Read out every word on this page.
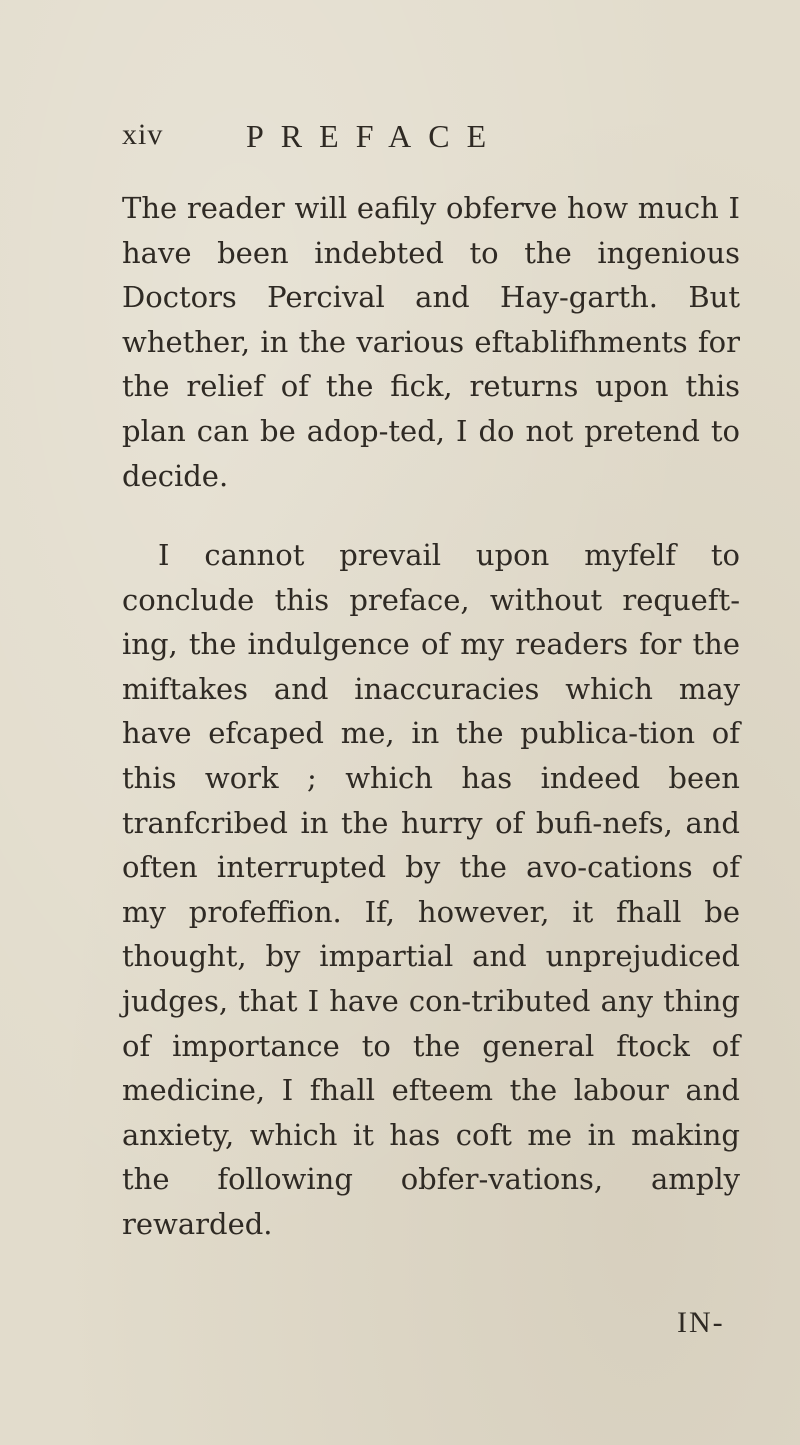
xiv	PREFACE

The reader will eafily obferve how much I have been indebted to the ingenious Doctors Percival and Hay-garth. But whether, in the various eftablifhments for the relief of the fick, returns upon this plan can be adop-ted, I do not pretend to decide.

I cannot prevail upon myfelf to conclude this preface, without requeft-ing, the indulgence of my readers for the miftakes and inaccuracies which may have efcaped me, in the publica-tion of this work ; which has indeed been tranfcribed in the hurry of bufi-nefs, and often interrupted by the avo-cations of my profeffion. If, however, it fhall be thought, by impartial and unprejudiced judges, that I have con-tributed any thing of importance to the general ftock of medicine, I fhall efteem the labour and anxiety, which it has coft me in making the following obfer-vations, amply rewarded.

IN-
